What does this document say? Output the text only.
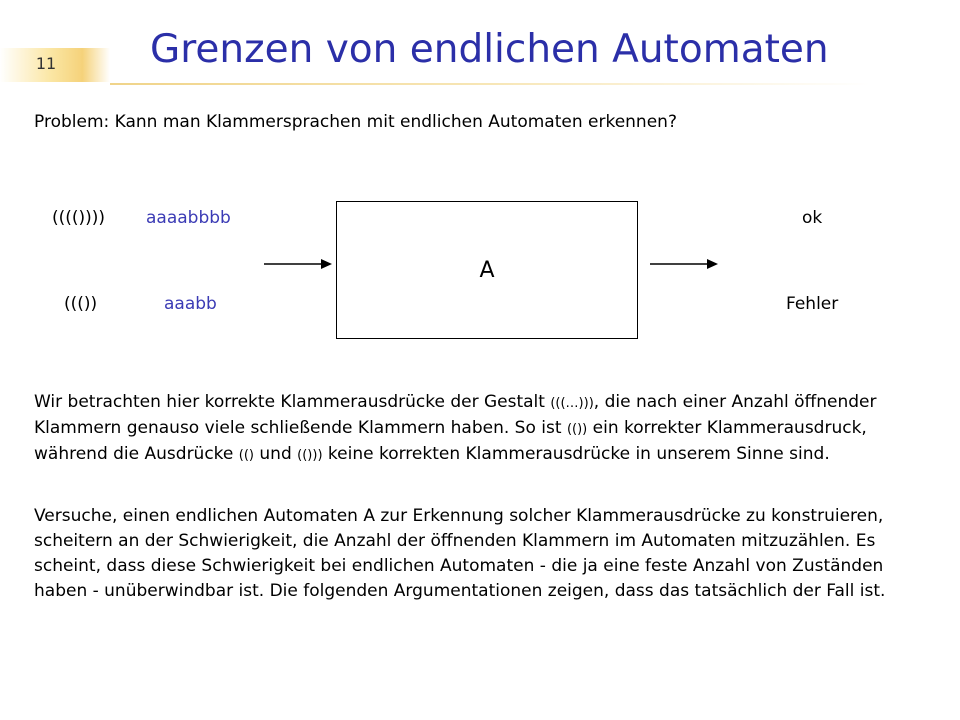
11 Grenzen von endlichen Automaten
Problem: Kann man Klammersprachen mit endlichen Automaten erkennen?
(((()))) aaaabbbb
((())	aaabb
A
ok
Fehler
Wir betrachten hier korrekte Klammerausdrücke der Gestalt (((…))), die nach einer Anzahl öffnender Klammern genauso viele schließende Klammern haben. So ist (()) ein korrekter Klammerausdruck, während die Ausdrücke (() und (())) keine korrekten Klammerausdrücke in unserem Sinne sind.
Versuche, einen endlichen Automaten A zur Erkennung solcher Klammerausdrücke zu konstruieren, scheitern an der Schwierigkeit, die Anzahl der öffnenden Klammern im Automaten mitzuzählen. Es scheint, dass diese Schwierigkeit bei endlichen Automaten - die ja eine feste Anzahl von Zuständen haben - unüberwindbar ist. Die folgenden Argumentationen zeigen, dass das tatsächlich der Fall ist.
